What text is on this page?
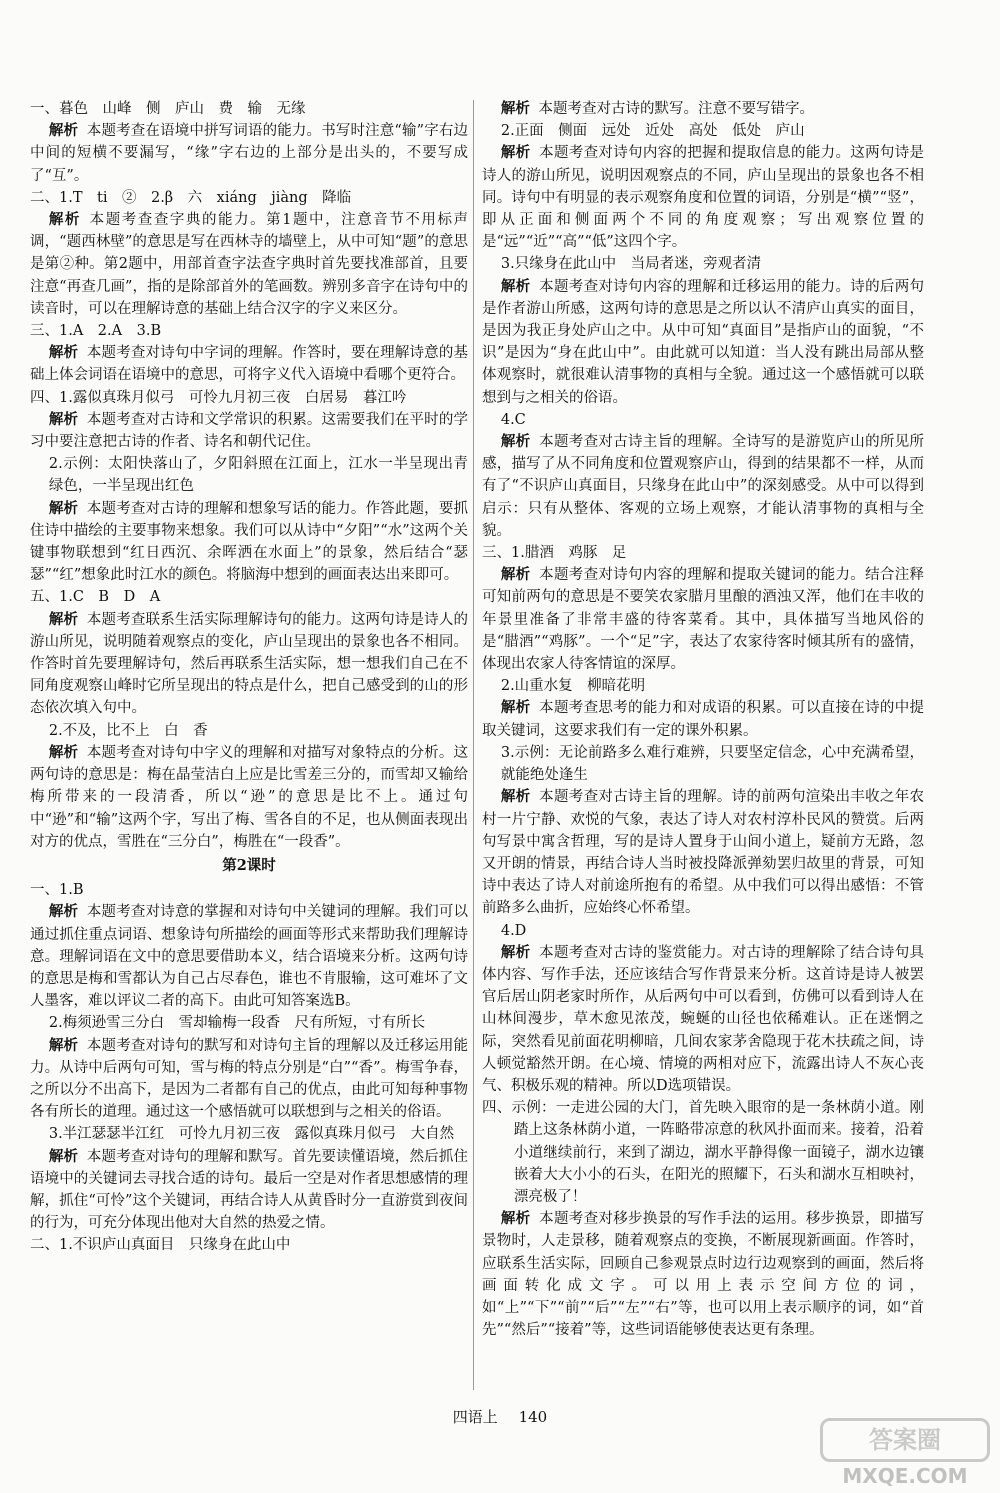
一、暮色　山峰　侧　庐山　费　输　无缘

解析 本题考查在语境中拼写词语的能力。书写时注意“输”字右边中间的短横不要漏写，“缘”字右边的上部分是出头的，不要写成了“互”。

二、1.T　ti　②　2.β　六　xiáng　jiàng　降临

解析 本题考查查字典的能力。第1题中，注意音节不用标声调，“题西林壁”的意思是写在西林寺的墙壁上，从中可知“题”的意思是第②种。第2题中，用部首查字法查字典时首先要找准部首，且要注意“再查几画”，指的是除部首外的笔画数。辨别多音字在诗句中的读音时，可以在理解诗意的基础上结合汉字的字义来区分。

三、1.A　2.A　3.B

解析 本题考查对诗句中字词的理解。作答时，要在理解诗意的基础上体会词语在语境中的意思，可将字义代入语境中看哪个更符合。

四、1.露似真珠月似弓　可怜九月初三夜　白居易　暮江吟

解析 本题考查对古诗和文学常识的积累。这需要我们在平时的学习中要注意把古诗的作者、诗名和朝代记住。

2.示例：太阳快落山了，夕阳斜照在江面上，江水一半呈现出青绿色，一半呈现出红色

解析 本题考查对古诗的理解和想象写话的能力。作答此题，要抓住诗中描绘的主要事物来想象。我们可以从诗中“夕阳”“水”这两个关键事物联想到“红日西沉、余晖洒在水面上”的景象，然后结合“瑟瑟”“红”想象此时江水的颜色。将脑海中想到的画面表达出来即可。

五、1.C　B　D　A

解析 本题考查联系生活实际理解诗句的能力。这两句诗是诗人的游山所见，说明随着观察点的变化，庐山呈现出的景象也各不相同。作答时首先要理解诗句，然后再联系生活实际，想一想我们自己在不同角度观察山峰时它所呈现出的特点是什么，把自己感受到的山的形态依次填入句中。

2.不及，比不上　白　香

解析 本题考查对诗句中字义的理解和对描写对象特点的分析。这两句诗的意思是：梅在晶莹洁白上应是比雪差三分的，而雪却又输给梅所带来的一段清香，所以“逊”的意思是比不上。通过句中“逊”和“输”这两个字，写出了梅、雪各自的不足，也从侧面表现出对方的优点，雪胜在“三分白”，梅胜在“一段香”。

第2课时

一、1.B

解析 本题考查对诗意的掌握和对诗句中关键词的理解。我们可以通过抓住重点词语、想象诗句所描绘的画面等形式来帮助我们理解诗意。理解词语在文中的意思要借助本义，结合语境来分析。这两句诗的意思是梅和雪都认为自己占尽春色，谁也不肯服输，这可难坏了文人墨客，难以评议二者的高下。由此可知答案选B。

2.梅须逊雪三分白　雪却输梅一段香　尺有所短，寸有所长

解析 本题考查对诗句的默写和对诗句主旨的理解以及迁移运用能力。从诗中后两句可知，雪与梅的特点分别是“白”“香”。梅雪争春，之所以分不出高下，是因为二者都有自己的优点，由此可知每种事物各有所长的道理。通过这一个感悟就可以联想到与之相关的俗语。

3.半江瑟瑟半江红　可怜九月初三夜　露似真珠月似弓　大自然

解析 本题考查对诗句的理解和默写。首先要读懂语境，然后抓住语境中的关键词去寻找合适的诗句。最后一空是对作者思想感情的理解，抓住“可怜”这个关键词，再结合诗人从黄昏时分一直游赏到夜间的行为，可充分体现出他对大自然的热爱之情。

二、1.不识庐山真面目　只缘身在此山中

解析 本题考查对古诗的默写。注意不要写错字。

2.正面　侧面　远处　近处　高处　低处　庐山

解析 本题考查对诗句内容的把握和提取信息的能力。这两句诗是诗人的游山所见，说明因观察点的不同，庐山呈现出的景象也各不相同。诗句中有明显的表示观察角度和位置的词语，分别是“横”“竖”，即从正面和侧面两个不同的角度观察；写出观察位置的是“远”“近”“高”“低”这四个字。

3.只缘身在此山中　当局者迷，旁观者清

解析 本题考查对诗句内容的理解和迁移运用的能力。诗的后两句是作者游山所感，这两句诗的意思是之所以认不清庐山真实的面目，是因为我正身处庐山之中。从中可知“真面目”是指庐山的面貌，“不识”是因为“身在此山中”。由此就可以知道：当人没有跳出局部从整体观察时，就很难认清事物的真相与全貌。通过这一个感悟就可以联想到与之相关的俗语。

4.C

解析 本题考查对古诗主旨的理解。全诗写的是游览庐山的所见所感，描写了从不同角度和位置观察庐山，得到的结果都不一样，从而有了“不识庐山真面目，只缘身在此山中”的深刻感受。从中可以得到启示：只有从整体、客观的立场上观察，才能认清事物的真相与全貌。

三、1.腊酒　鸡豚　足

解析 本题考查对诗句内容的理解和提取关键词的能力。结合注释可知前两句的意思是不要笑农家腊月里酿的酒浊又浑，他们在丰收的年景里准备了非常丰盛的待客菜肴。其中，具体描写当地风俗的是“腊酒”“鸡豚”。一个“足”字，表达了农家待客时倾其所有的盛情，体现出农家人待客情谊的深厚。

2.山重水复　柳暗花明

解析 本题考查思考的能力和对成语的积累。可以直接在诗的中提取关键词，这要求我们有一定的课外积累。

3.示例：无论前路多么难行难辨，只要坚定信念，心中充满希望，就能绝处逢生

解析 本题考查对古诗主旨的理解。诗的前两句渲染出丰收之年农村一片宁静、欢悦的气象，表达了诗人对农村淳朴民风的赞赏。后两句写景中寓含哲理，写的是诗人置身于山间小道上，疑前方无路，忽又开朗的情景，再结合诗人当时被投降派弹劾罢归故里的背景，可知诗中表达了诗人对前途所抱有的希望。从中我们可以得出感悟：不管前路多么曲折，应始终心怀希望。

4.D

解析 本题考查对古诗的鉴赏能力。对古诗的理解除了结合诗句具体内容、写作手法，还应该结合写作背景来分析。这首诗是诗人被罢官后居山阴老家时所作，从后两句中可以看到，仿佛可以看到诗人在山林间漫步，草木愈见浓茂，蜿蜒的山径也依稀难认。正在迷惘之际，突然看见前面花明柳暗，几间农家茅舍隐现于花木扶疏之间，诗人顿觉豁然开朗。在心境、情境的两相对应下，流露出诗人不灰心丧气、积极乐观的精神。所以D选项错误。

四、示例：一走进公园的大门，首先映入眼帘的是一条林荫小道。刚踏上这条林荫小道，一阵略带凉意的秋风扑面而来。接着，沿着小道继续前行，来到了湖边，湖水平静得像一面镜子，湖水边镶嵌着大大小小的石头，在阳光的照耀下，石头和湖水互相映衬，漂亮极了！

解析 本题考查对移步换景的写作手法的运用。移步换景，即描写景物时，人走景移，随着观察点的变换，不断展现新画面。作答时，应联系生活实际，回顾自己参观景点时边行边观察到的画面，然后将画面转化成文字。可以用上表示空间方位的词，如“上”“下”“前”“后”“左”“右”等，也可以用上表示顺序的词，如“首先”“然后”“接着”等，这些词语能够使表达更有条理。

四语上 140
答案圈
MXQE.COM
